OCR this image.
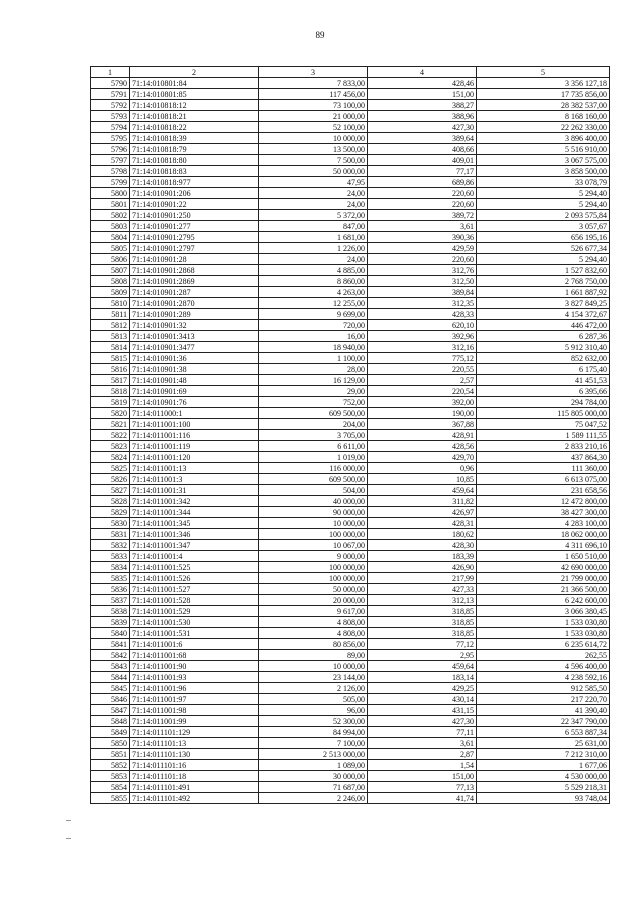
89
1	2	3	4	5
5790	71:14:010801:84	7 833,00	428,46	3 356 127,18
5791	71:14:010801:85	117 456,00	151,00	17 735 856,00
5792	71:14:010818:12	73 100,00	388,27	28 382 537,00
5793	71:14:010818:21	21 000,00	388,96	8 168 160,00
5794	71:14:010818:22	52 100,00	427,30	22 262 330,00
5795	71:14:010818:39	10 000,00	389,64	3 896 400,00
5796	71:14:010818:79	13 500,00	408,66	5 516 910,00
5797	71:14:010818:80	7 500,00	409,01	3 067 575,00
5798	71:14:010818:83	50 000,00	77,17	3 858 500,00
5799	71:14:010818:977	47,95	689,86	33 078,79
5800	71:14:010901:206	24,00	220,60	5 294,40
5801	71:14:010901:22	24,00	220,60	5 294,40
5802	71:14:010901:250	5 372,00	389,72	2 093 575,84
5803	71:14:010901:277	847,00	3,61	3 057,67
5804	71:14:010901:2795	1 681,00	390,36	656 195,16
5805	71:14:010901:2797	1 226,00	429,59	526 677,34
5806	71:14:010901:28	24,00	220,60	5 294,40
5807	71:14:010901:2868	4 885,00	312,76	1 527 832,60
5808	71:14:010901:2869	8 860,00	312,50	2 768 750,00
5809	71:14:010901:287	4 263,00	389,84	1 661 887,92
5810	71:14:010901:2870	12 255,00	312,35	3 827 849,25
5811	71:14:010901:289	9 699,00	428,33	4 154 372,67
5812	71:14:010901:32	720,00	620,10	446 472,00
5813	71:14:010901:3413	16,00	392,96	6 287,36
5814	71:14:010901:3477	18 940,00	312,16	5 912 310,40
5815	71:14:010901:36	1 100,00	775,12	852 632,00
5816	71:14:010901:38	28,00	220,55	6 175,40
5817	71:14:010901:48	16 129,00	2,57	41 451,53
5818	71:14:010901:69	29,00	220,54	6 395,66
5819	71:14:010901:76	752,00	392,00	294 784,00
5820	71:14:011000:1	609 500,00	190,00	115 805 000,00
5821	71:14:011001:100	204,00	367,88	75 047,52
5822	71:14:011001:116	3 705,00	428,91	1 589 111,55
5823	71:14:011001:119	6 611,00	428,56	2 833 210,16
5824	71:14:011001:120	1 019,00	429,70	437 864,30
5825	71:14:011001:13	116 000,00	0,96	111 360,00
5826	71:14:011001:3	609 500,00	10,85	6 613 075,00
5827	71:14:011001:31	504,00	459,64	231 658,56
5828	71:14:011001:342	40 000,00	311,82	12 472 800,00
5829	71:14:011001:344	90 000,00	426,97	38 427 300,00
5830	71:14:011001:345	10 000,00	428,31	4 283 100,00
5831	71:14:011001:346	100 000,00	180,62	18 062 000,00
5832	71:14:011001:347	10 067,00	428,30	4 311 696,10
5833	71:14:011001:4	9 000,00	183,39	1 650 510,00
5834	71:14:011001:525	100 000,00	426,90	42 690 000,00
5835	71:14:011001:526	100 000,00	217,99	21 799 000,00
5836	71:14:011001:527	50 000,00	427,33	21 366 500,00
5837	71:14:011001:528	20 000,00	312,13	6 242 600,00
5838	71:14:011001:529	9 617,00	318,85	3 066 380,45
5839	71:14:011001:530	4 808,00	318,85	1 533 030,80
5840	71:14:011001:531	4 808,00	318,85	1 533 030,80
5841	71:14:011001:6	80 856,00	77,12	6 235 614,72
5842	71:14:011001:68	89,00	2,95	262,55
5843	71:14:011001:90	10 000,00	459,64	4 596 400,00
5844	71:14:011001:93	23 144,00	183,14	4 238 592,16
5845	71:14:011001:96	2 126,00	429,25	912 585,50
5846	71:14:011001:97	505,00	430,14	217 220,70
5847	71:14:011001:98	96,00	431,15	41 390,40
5848	71:14:011001:99	52 300,00	427,30	22 347 790,00
5849	71:14:011101:129	84 994,00	77,11	6 553 887,34
5850	71:14:011101:13	7 100,00	3,61	25 631,00
5851	71:14:011101:130	2 513 000,00	2,87	7 212 310,00
5852	71:14:011101:16	1 089,00	1,54	1 677,06
5853	71:14:011101:18	30 000,00	151,00	4 530 000,00
5854	71:14:011101:491	71 687,00	77,13	5 529 218,31
5855	71:14:011101:492	2 246,00	41,74	93 748,04
